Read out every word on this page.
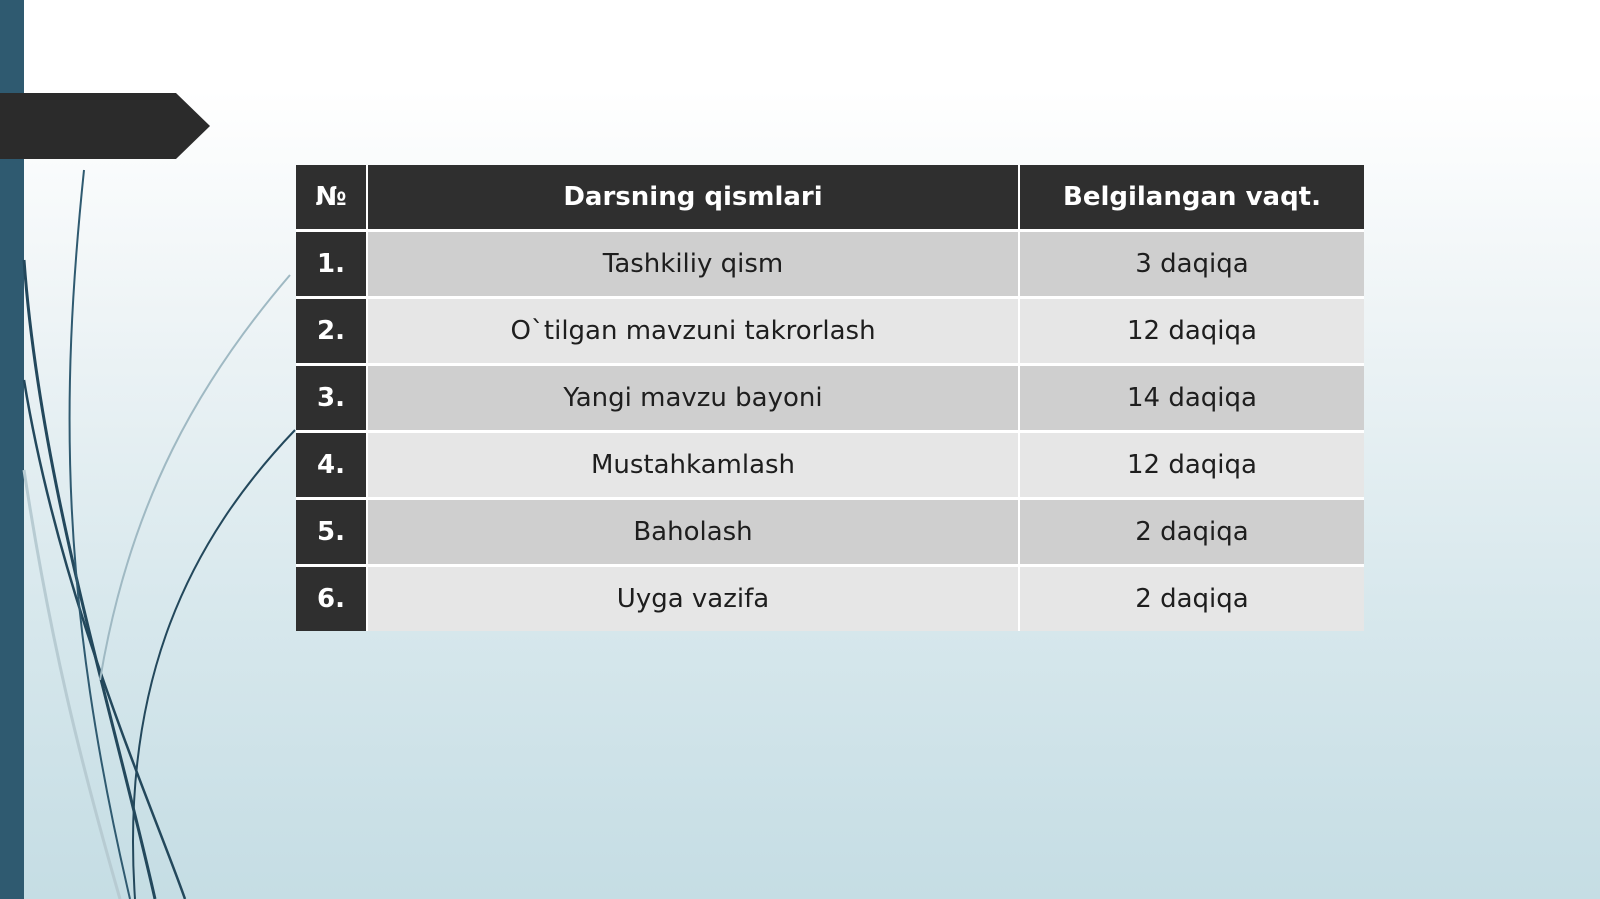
№	Darsning qismlari	Belgilangan vaqt.
1.	Tashkiliy qism	3 daqiqa
2.	O`tilgan mavzuni takrorlash	12 daqiqa
3.	Yangi mavzu bayoni	14 daqiqa
4.	Mustahkamlash	12 daqiqa
5.	Baholash	2 daqiqa
6.	Uyga vazifa	2 daqiqa
